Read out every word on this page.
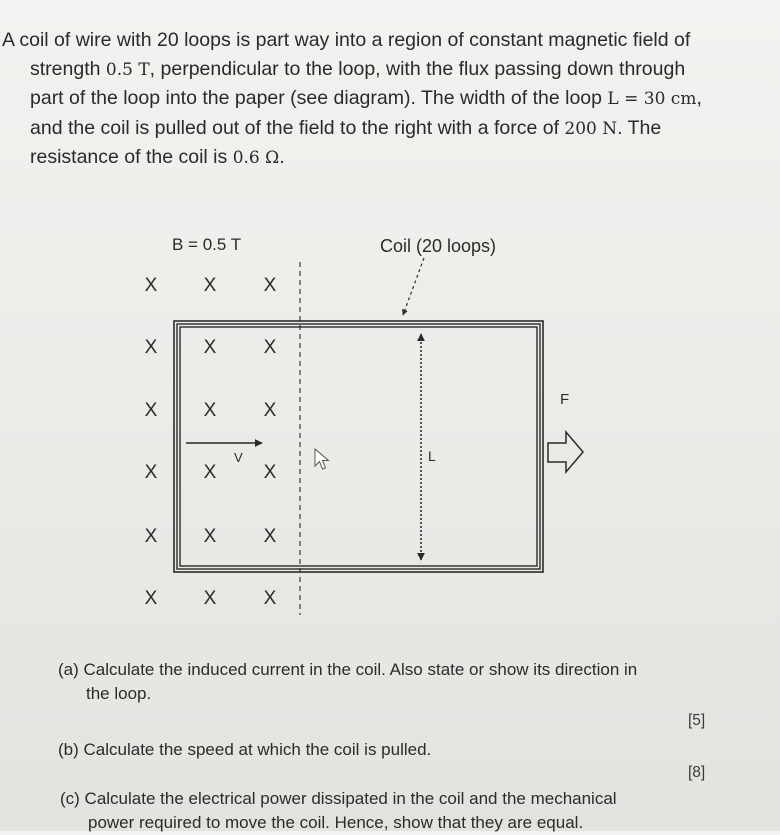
A coil of wire with 20 loops is part way into a region of constant magnetic field of
strength 0.5 T, perpendicular to the loop, with the flux passing down through
part of the loop into the paper (see diagram). The width of the loop L = 30 cm,
and the coil is pulled out of the field to the right with a force of 200 N. The
resistance of the coil is 0.6 Ω.
B = 0.5 T	Coil (20 loops)
L
V
F
X X X
X X X
X X X
X X X
X X X
X X X
(a) Calculate the induced current in the coil. Also state or show its direction in
the loop.
[5]
(b) Calculate the speed at which the coil is pulled.
[8]
(c) Calculate the electrical power dissipated in the coil and the mechanical
power required to move the coil. Hence, show that they are equal.
